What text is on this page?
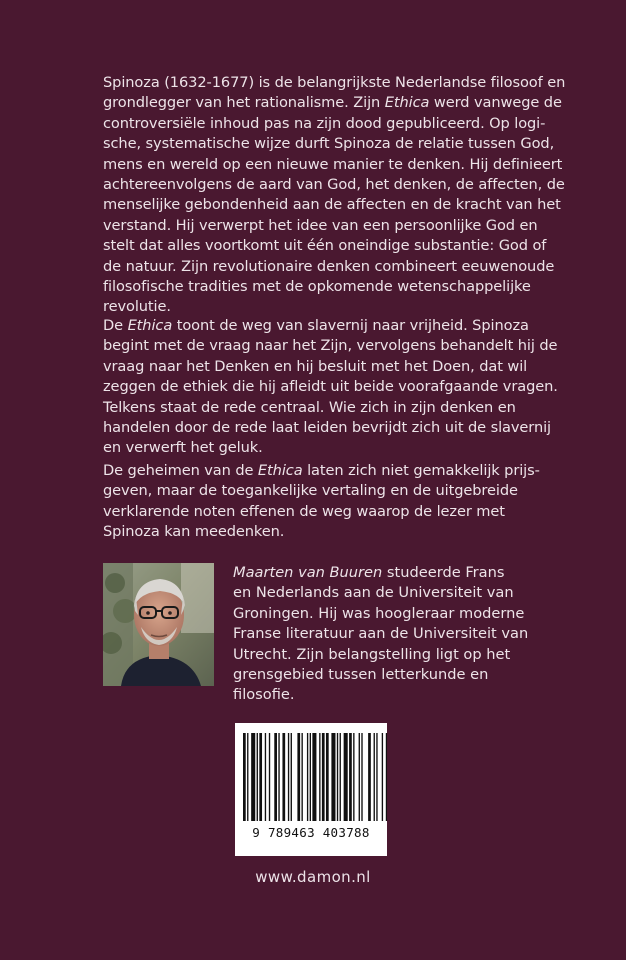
Spinoza (1632-1677) is de belangrijkste Nederlandse filosoof en
grondlegger van het rationalisme. Zijn Ethica werd vanwege de
controversiële inhoud pas na zijn dood gepubliceerd. Op logi-
sche, systematische wijze durft Spinoza de relatie tussen God,
mens en wereld op een nieuwe manier te denken. Hij definieert
achtereenvolgens de aard van God, het denken, de affecten, de
menselijke gebondenheid aan de affecten en de kracht van het
verstand. Hij verwerpt het idee van een persoonlijke God en
stelt dat alles voortkomt uit één oneindige substantie: God of
de natuur. Zijn revolutionaire denken combineert eeuwenoude
filosofische tradities met de opkomende wetenschappelijke
revolutie.
De Ethica toont de weg van slavernij naar vrijheid. Spinoza
begint met de vraag naar het Zijn, vervolgens behandelt hij de
vraag naar het Denken en hij besluit met het Doen, dat wil
zeggen de ethiek die hij afleidt uit beide voorafgaande vragen.
Telkens staat de rede centraal. Wie zich in zijn denken en
handelen door de rede laat leiden bevrijdt zich uit de slavernij
en verwerft het geluk.
De geheimen van de Ethica laten zich niet gemakkelijk prijs-
geven, maar de toegankelijke vertaling en de uitgebreide
verklarende noten effenen de weg waarop de lezer met
Spinoza kan meedenken.
Maarten van Buuren studeerde Frans
en Nederlands aan de Universiteit van
Groningen. Hij was hoogleraar moderne
Franse literatuur aan de Universiteit van
Utrecht. Zijn belangstelling ligt op het
grensgebied tussen letterkunde en
filosofie.
9 789463 403788
www.damon.nl
